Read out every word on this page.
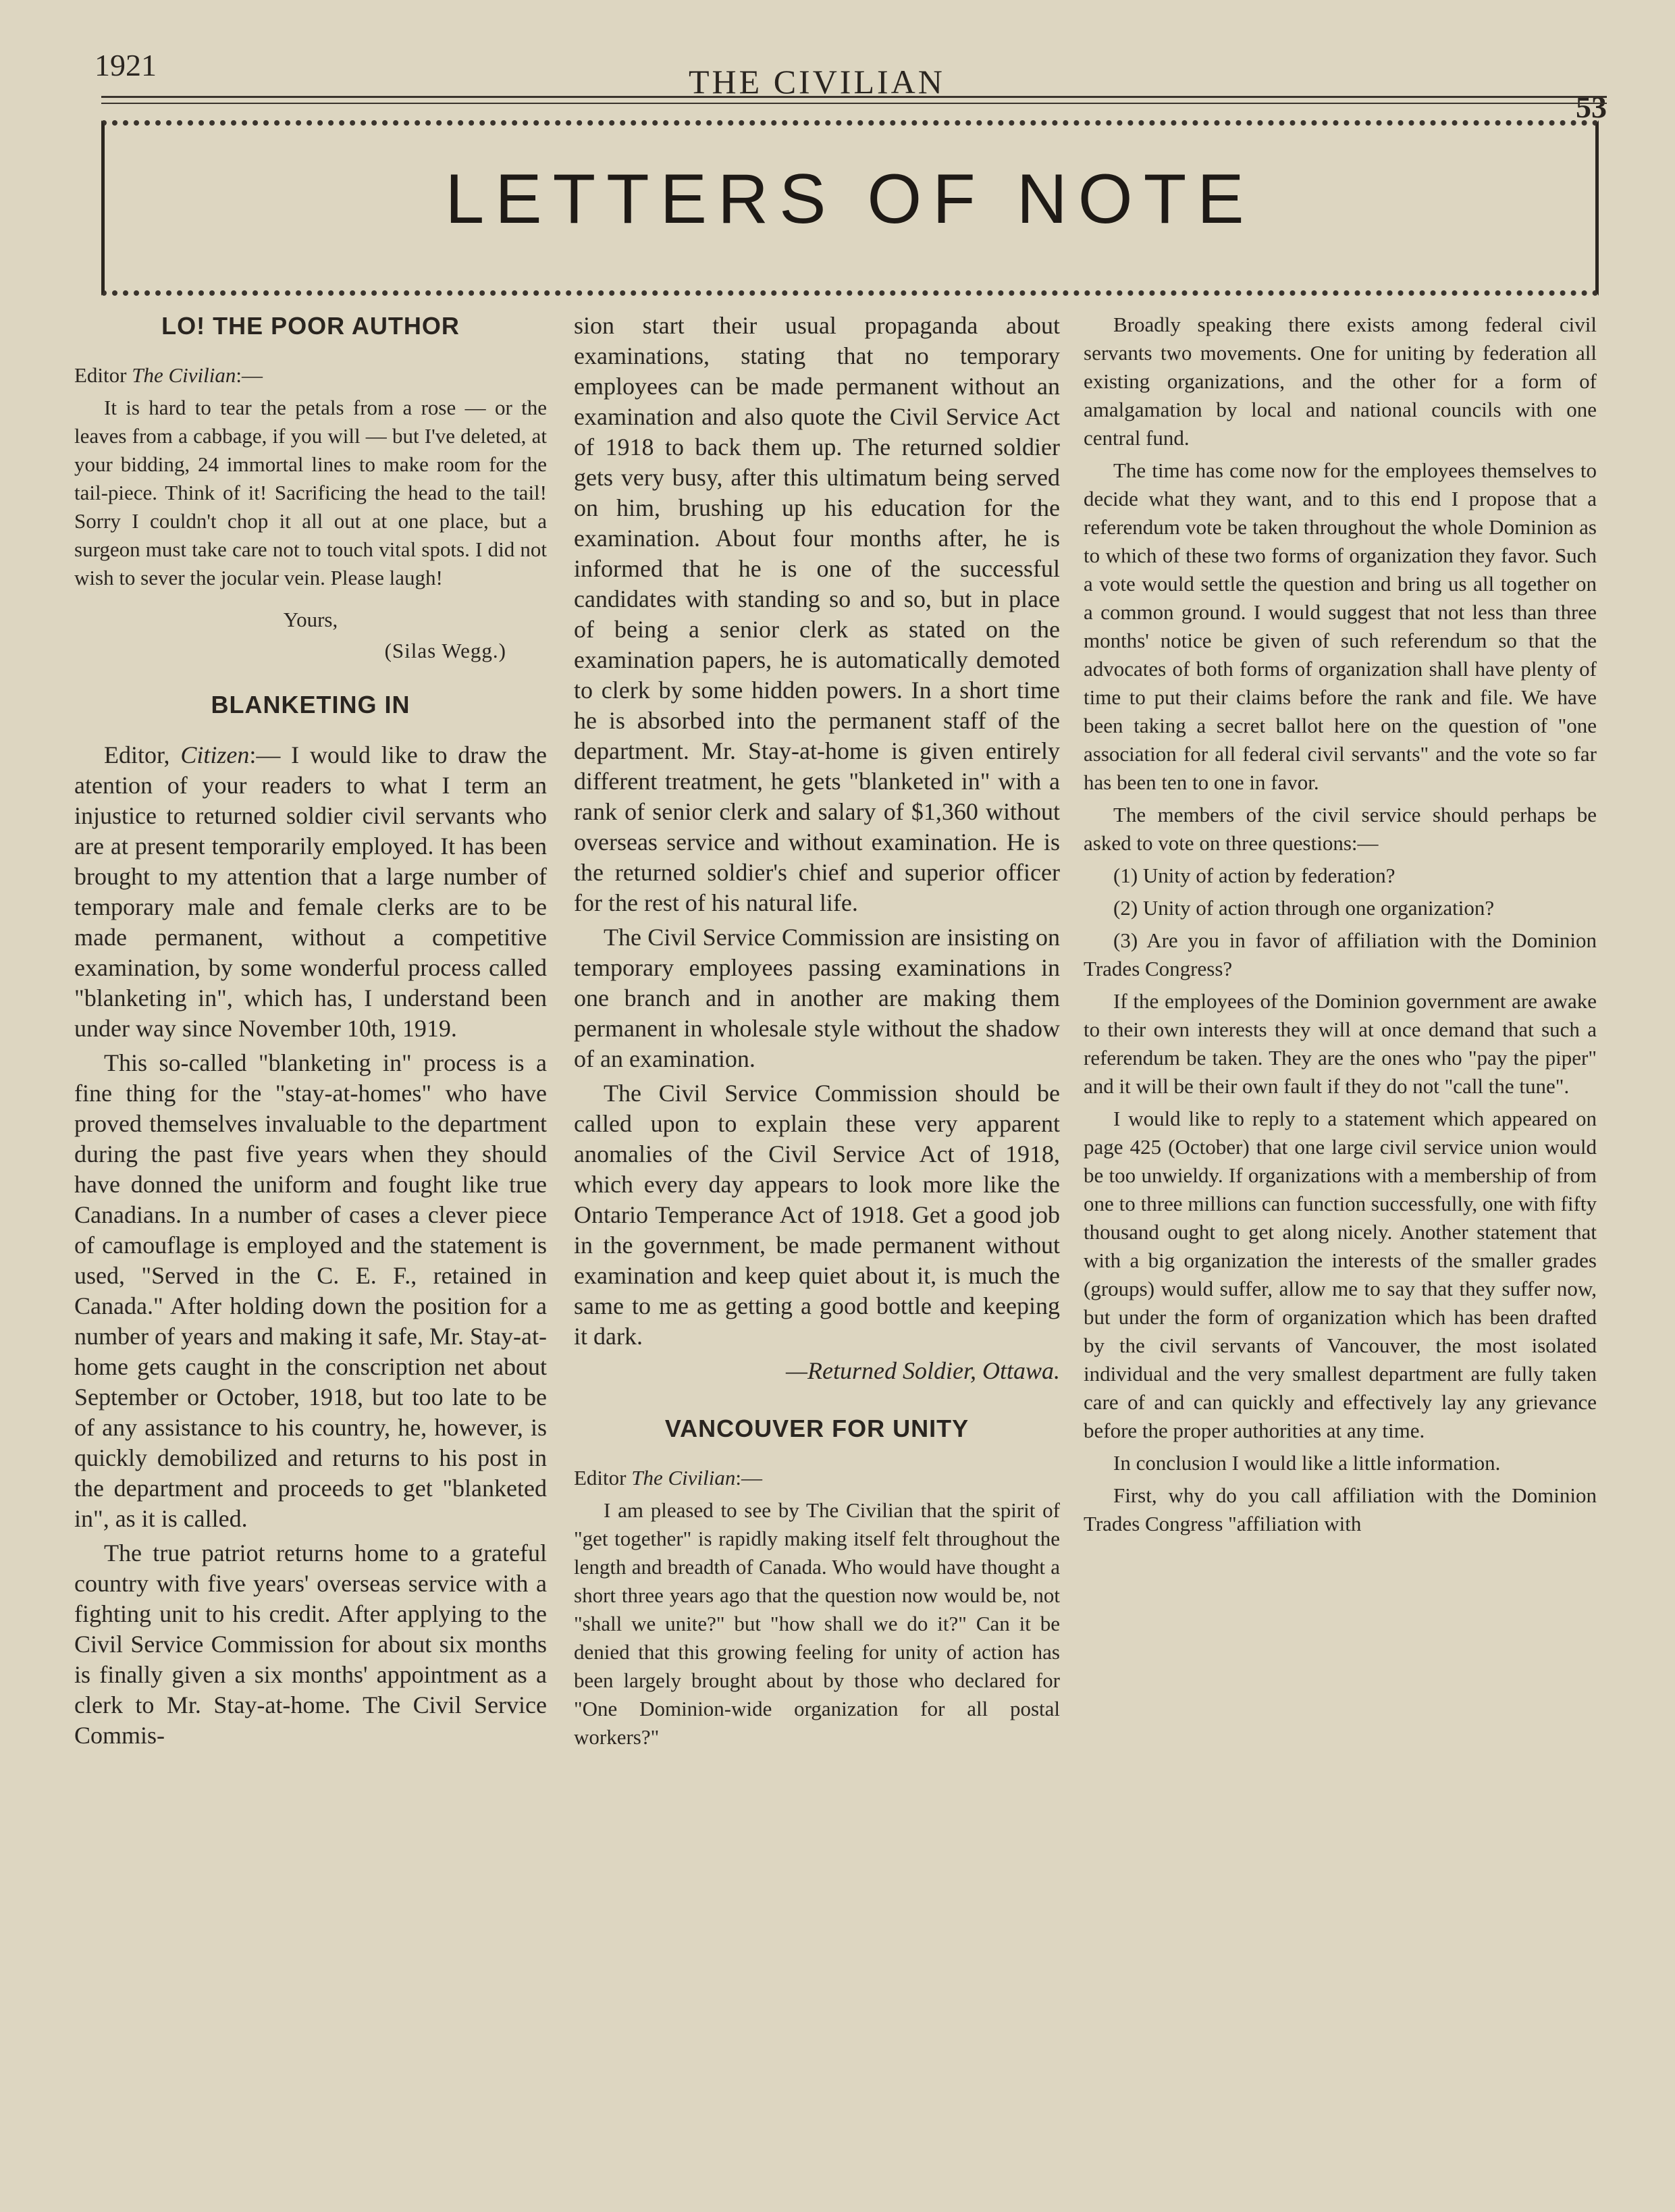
1921	THE CIVILIAN
53
LETTERS OF NOTE
LO! THE POOR AUTHOR
Editor The Civilian:—

It is hard to tear the petals from a rose — or the leaves from a cabbage, if you will — but I've deleted, at your bidding, 24 immortal lines to make room for the tail-piece. Think of it! Sacrificing the head to the tail! Sorry I couldn't chop it all out at one place, but a surgeon must take care not to touch vital spots. I did not wish to sever the jocular vein. Please laugh!

Yours,
(Silas Wegg.)
BLANKETING IN

Editor, Citizen:— I would like to draw the atention of your readers to what I term an injustice to returned soldier civil servants who are at present temporarily employed. It has been brought to my attention that a large number of temporary male and female clerks are to be made permanent, without a competitive examination, by some wonderful process called "blanketing in", which has, I understand been under way since November 10th, 1919.

This so-called "blanketing in" process is a fine thing for the "stay-at-homes" who have proved themselves invaluable to the department during the past five years when they should have donned the uniform and fought like true Canadians. In a number of cases a clever piece of camouflage is employed and the statement is used, "Served in the C. E. F., retained in Canada." After holding down the position for a number of years and making it safe, Mr. Stay-at-home gets caught in the conscription net about September or October, 1918, but too late to be of any assistance to his country, he, however, is quickly demobilized and returns to his post in the department and proceeds to get "blanketed in", as it is called.

The true patriot returns home to a grateful country with five years' overseas service with a fighting unit to his credit. After applying to the Civil Service Commission for about six months is finally given a six months' appointment as a clerk to Mr. Stay-at-home. The Civil Service Commis-

sion start their usual propaganda about examinations, stating that no temporary employees can be made permanent without an examination and also quote the Civil Service Act of 1918 to back them up. The returned soldier gets very busy, after this ultimatum being served on him, brushing up his education for the examination. About four months after, he is informed that he is one of the successful candidates with standing so and so, but in place of being a senior clerk as stated on the examination papers, he is automatically demoted to clerk by some hidden powers. In a short time he is absorbed into the permanent staff of the department. Mr. Stay-at-home is given entirely different treatment, he gets "blanketed in" with a rank of senior clerk and salary of $1,360 without overseas service and without examination. He is the returned soldier's chief and superior officer for the rest of his natural life.

The Civil Service Commission are insisting on temporary employees passing examinations in one branch and in another are making them permanent in wholesale style without the shadow of an examination.

The Civil Service Commission should be called upon to explain these very apparent anomalies of the Civil Service Act of 1918, which every day appears to look more like the Ontario Temperance Act of 1918. Get a good job in the government, be made permanent without examination and keep quiet about it, is much the same to me as getting a good bottle and keeping it dark.

—Returned Soldier, Ottawa.
VANCOUVER FOR UNITY
Editor The Civilian:—

I am pleased to see by The Civilian that the spirit of "get together" is rapidly making itself felt throughout the length and breadth of Canada. Who would have thought a short three years ago that the question now would be, not "shall we unite?" but "how shall we do it?" Can it be denied that this growing feeling for unity of action has been largely brought about by those who declared for "One Dominion-wide organization for all postal workers?"

Broadly speaking there exists among federal civil servants two movements. One for uniting by federation all existing organizations, and the other for a form of amalgamation by local and national councils with one central fund.

The time has come now for the employees themselves to decide what they want, and to this end I propose that a referendum vote be taken throughout the whole Dominion as to which of these two forms of organization they favor. Such a vote would settle the question and bring us all together on a common ground. I would suggest that not less than three months' notice be given of such referendum so that the advocates of both forms of organization shall have plenty of time to put their claims before the rank and file. We have been taking a secret ballot here on the question of "one association for all federal civil servants" and the vote so far has been ten to one in favor.

The members of the civil service should perhaps be asked to vote on three questions:—

(1) Unity of action by federation?

(2) Unity of action through one organization?

(3) Are you in favor of affiliation with the Dominion Trades Congress?

If the employees of the Dominion government are awake to their own interests they will at once demand that such a referendum be taken. They are the ones who "pay the piper" and it will be their own fault if they do not "call the tune".

I would like to reply to a statement which appeared on page 425 (October) that one large civil service union would be too unwieldy. If organizations with a membership of from one to three millions can function successfully, one with fifty thousand ought to get along nicely. Another statement that with a big organization the interests of the smaller grades (groups) would suffer, allow me to say that they suffer now, but under the form of organization which has been drafted by the civil servants of Vancouver, the most isolated individual and the very smallest department are fully taken care of and can quickly and effectively lay any grievance before the proper authorities at any time.

In conclusion I would like a little information.

First, why do you call affiliation with the Dominion Trades Congress "affiliation with
